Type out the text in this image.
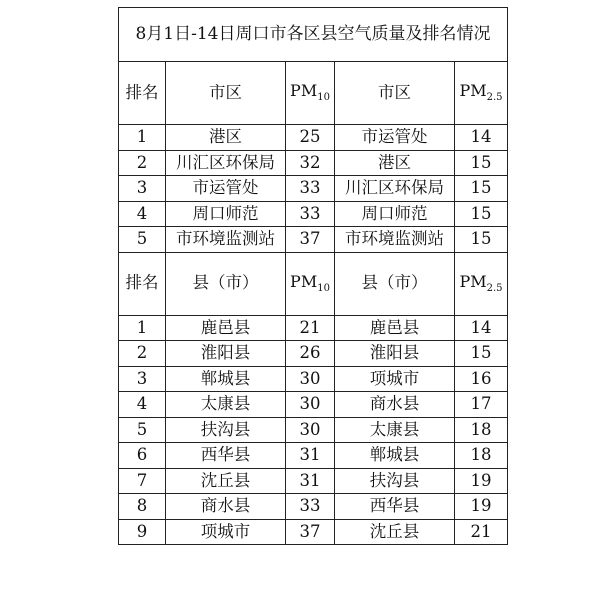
8月1日-14日周口市各区县空气质量及排名情况				
排名	市区	$PM_{10}$	市区	$PM_{2.5}$
1	港区	25	市运管处	14
2	川汇区环保局	32	港区	15
3	市运管处	33	川汇区环保局	15
4	周口师范	33	周口师范	15
5	市环境监测站	37	市环境监测站	15
排名	县（市）	$PM_{10}$	县（市）	$PM_{2.5}$
1	鹿邑县	21	鹿邑县	14
2	淮阳县	26	淮阳县	15
3	郸城县	30	项城市	16
4	太康县	30	商水县	17
5	扶沟县	30	太康县	18
6	西华县	31	郸城县	18
7	沈丘县	31	扶沟县	19
8	商水县	33	西华县	19
9	项城市	37	沈丘县	21
